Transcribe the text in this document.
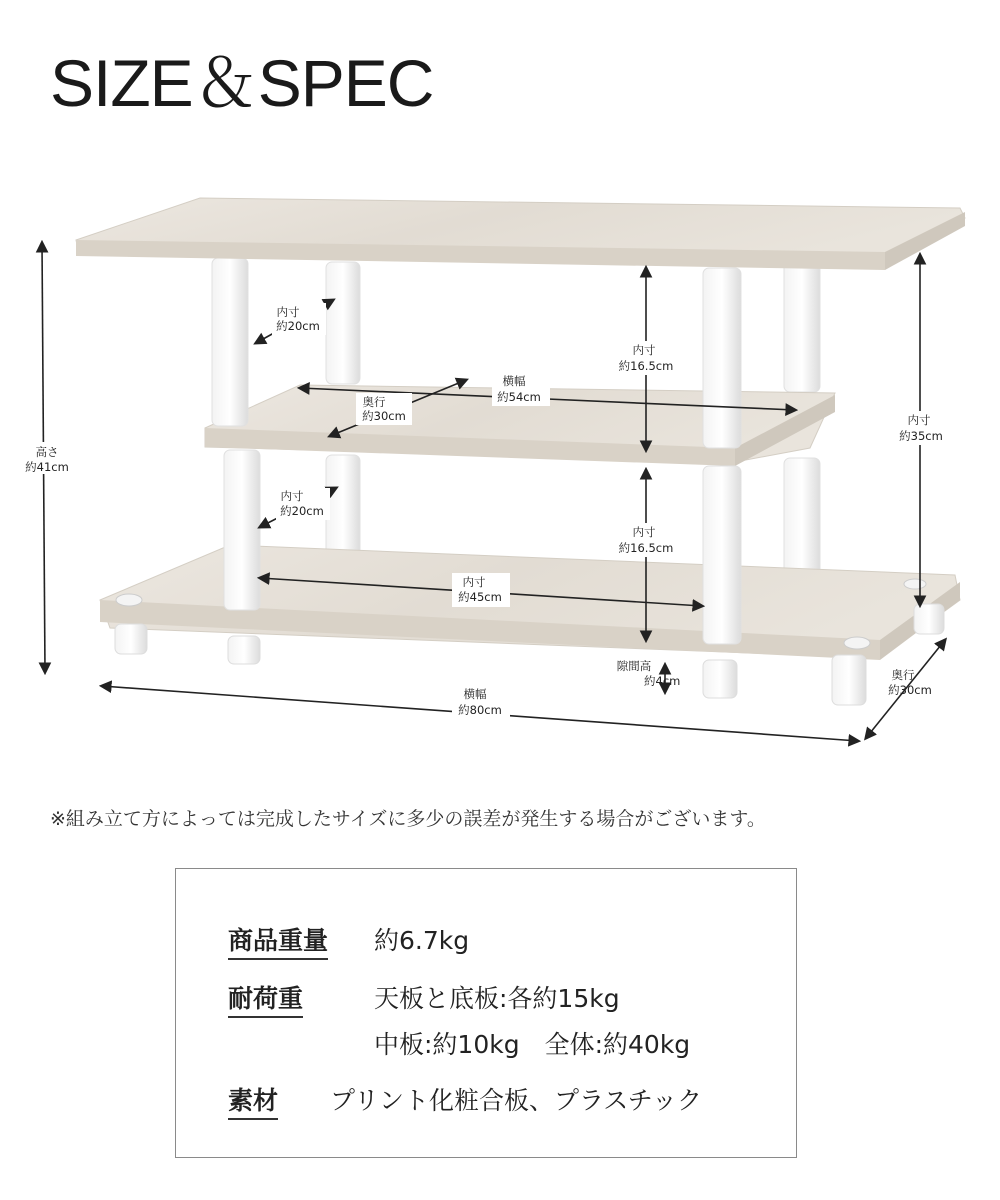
SIZE＆SPEC
高さ
約41cm
内寸
約20cm
内寸
約20cm
奥行
約30cm
横幅
約54cm
内寸
約16.5cm
内寸
約16.5cm
内寸
約35cm
内寸
約45cm
隙間高
約4cm	奥行
約30cm
横幅
約80cm
※組み立て方によっては完成したサイズに多少の誤差が発生する場合がございます。
商品重量 約6.7kg
耐荷重	天板と底板:各約15kg
中板:約10kg　全体:約40kg
素材 プリント化粧合板、プラスチック
